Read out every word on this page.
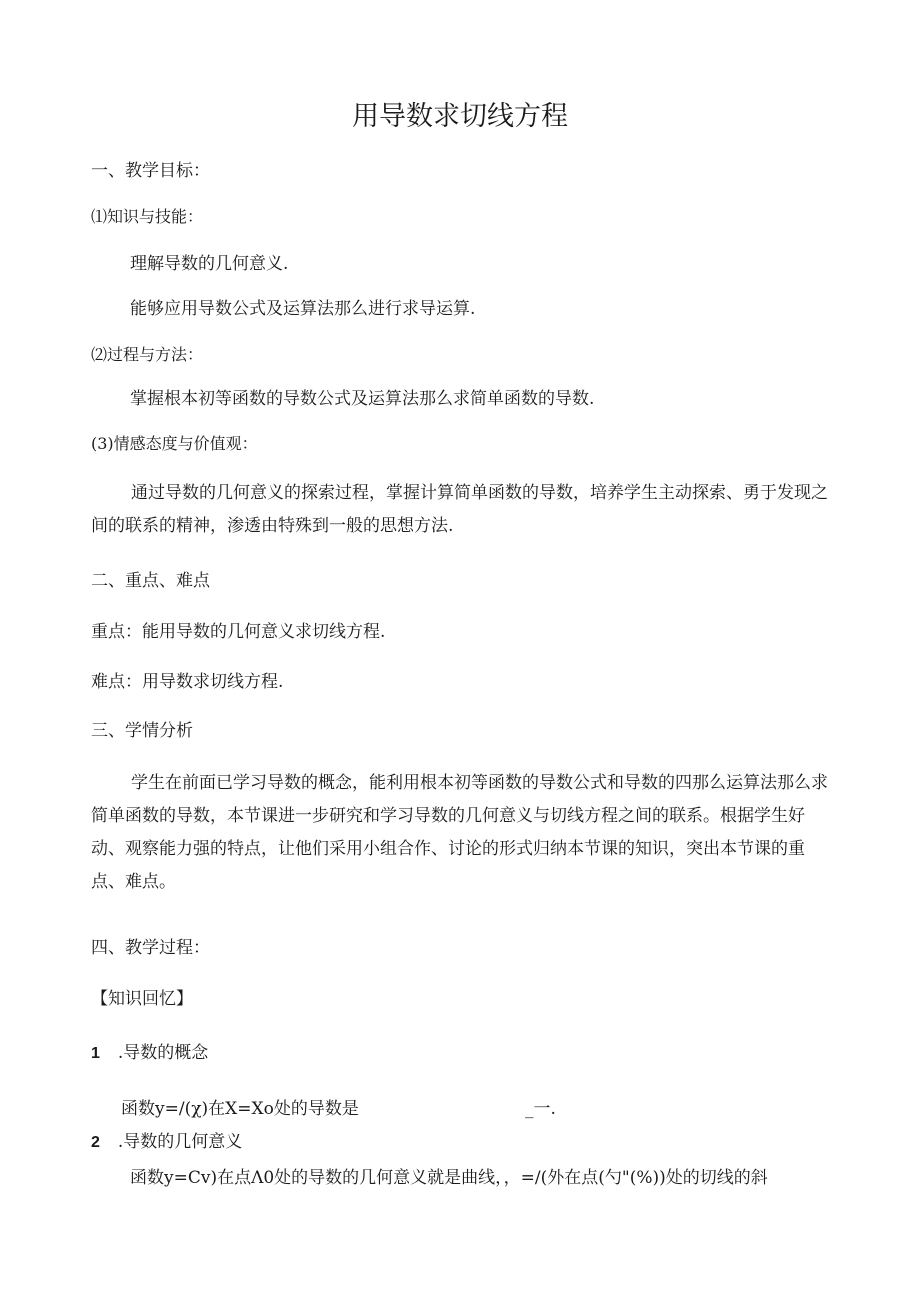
用导数求切线方程
一、教学目标：
⑴知识与技能：
理解导数的几何意义.
能够应用导数公式及运算法那么进行求导运算.
⑵过程与方法：
掌握根本初等函数的导数公式及运算法那么求简单函数的导数.
(3)情感态度与价值观：
通过导数的几何意义的探索过程，掌握计算简单函数的导数，培养学生主动探索、勇于发现之间的联系的精神，渗透由特殊到一般的思想方法.
二、重点、难点
重点：能用导数的几何意义求切线方程.
难点：用导数求切线方程.
三、学情分析
学生在前面已学习导数的概念，能利用根本初等函数的导数公式和导数的四那么运算法那么求简单函数的导数，本节课进一步研究和学习导数的几何意义与切线方程之间的联系。根据学生好动、观察能力强的特点，让他们采用小组合作、讨论的形式归纳本节课的知识，突出本节课的重点、难点。
四、教学过程：
【知识回忆】
1 .导数的概念
函数y=/(χ)在X=Xo处的导数是	_一.
2 .导数的几何意义
函数y=Cv)在点Λ0处的导数的几何意义就是曲线，，=/(外在点(勺"(%))处的切线的斜
